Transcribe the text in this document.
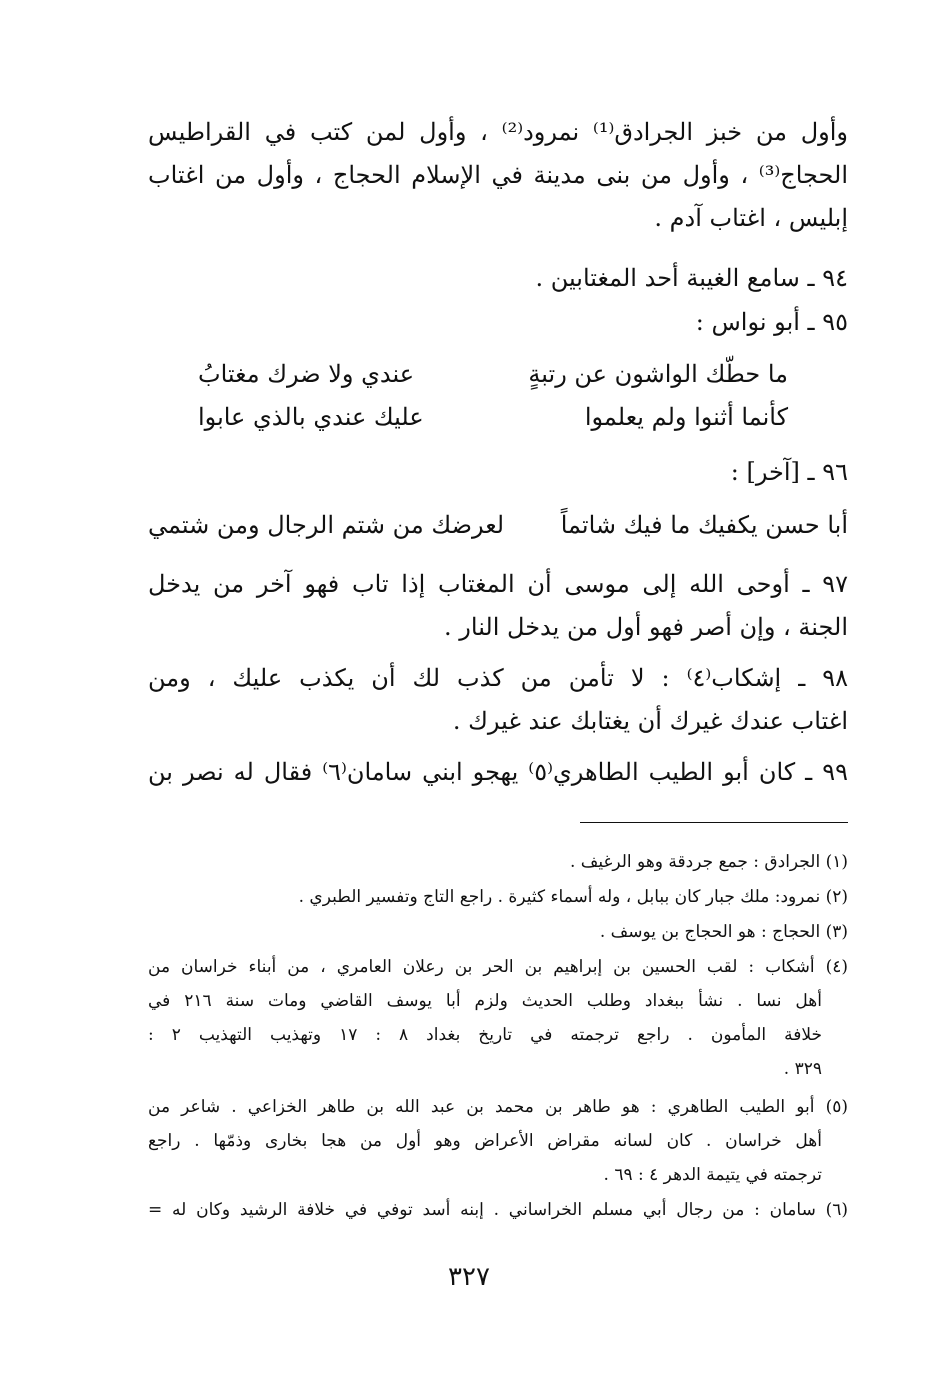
وأول من خبز الجرادق⁽¹⁾ نمرود⁽²⁾ ، وأول لمن كتب في القراطيس
الحجاج⁽³⁾ ، وأول من بنى مدينة في الإسلام الحجاج ، وأول من اغتاب
إبليس ، اغتاب آدم .
٩٤ ـ سامع الغيبة أحد المغتابين .
٩٥ ـ أبو نواس :
ما حطّك الواشون عن رتبةٍ
عندي ولا ضرك مغتابُ
كأنما أثنوا ولم يعلموا
عليك عندي بالذي عابوا
٩٦ ـ [آخر] :
أبا حسن يكفيك ما فيك شاتماً
لعرضك من شتم الرجال ومن شتمي
٩٧ ـ أوحى الله إلى موسى أن المغتاب إذا تاب فهو آخر من يدخل
الجنة ، وإن أصر فهو أول من يدخل النار .
٩٨ ـ إشكاب⁽٤⁾ : لا تأمن من كذب لك أن يكذب عليك ، ومن
اغتاب عندك غيرك أن يغتابك عند غيرك .
٩٩ ـ كان أبو الطيب الطاهري⁽٥⁾ يهجو ابني سامان⁽٦⁾ فقال له نصر بن
(١) الجرادق : جمع جردقة وهو الرغيف .
(٢) نمرود: ملك جبار كان ببابل ، وله أسماء كثيرة . راجع التاج وتفسير الطبري .
(٣) الحجاج : هو الحجاج بن يوسف .
(٤) أشكاب : لقب الحسين بن إبراهيم بن الحر بن رعلان العامري ، من أبناء خراسان من
أهل نسا . نشأ ببغداد وطلب الحديث ولزم أبا يوسف القاضي ومات سنة ٢١٦ في
خلافة المأمون . راجع ترجمته في تاريخ بغداد ٨ : ١٧ وتهذيب التهذيب ٢ :
٣٢٩ .
(٥) أبو الطيب الطاهري : هو طاهر بن محمد بن عبد الله بن طاهر الخزاعي . شاعر من
أهل خراسان . كان لسانه مقراض الأعراض وهو أول من هجا بخارى وذمّها . راجع
ترجمته في يتيمة الدهر ٤ : ٦٩ .
(٦) سامان : من رجال أبي مسلم الخراساني . إبنه أسد توفي في خلافة الرشيد وكان له =
٣٢٧
